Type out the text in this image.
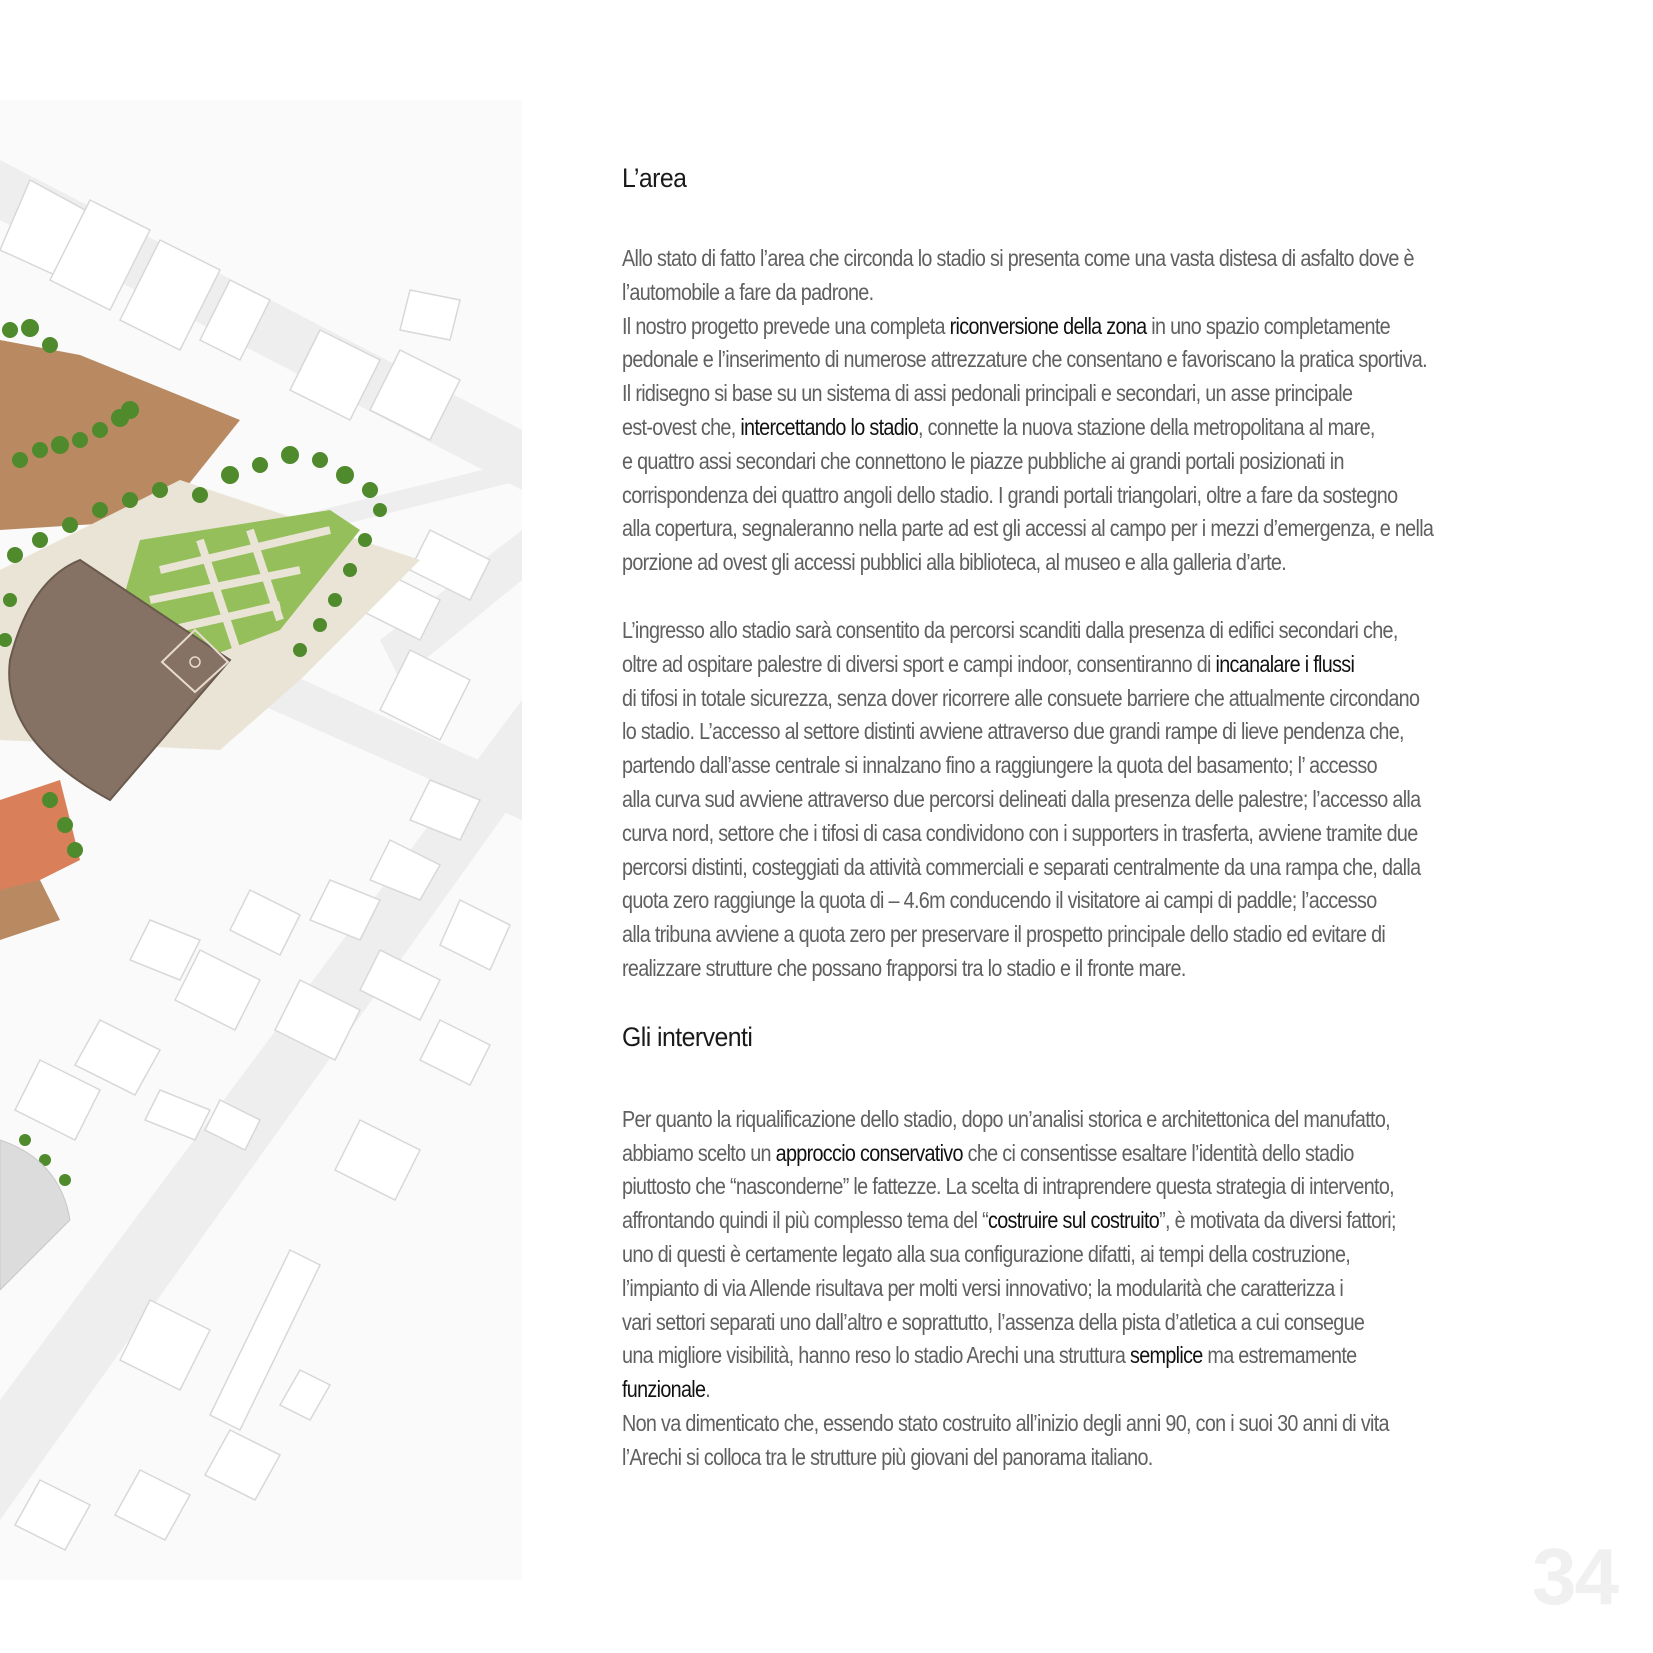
L’area

Allo stato di fatto l’area che circonda lo stadio si presenta come una vasta distesa di asfalto dove è
l’automobile a fare da padrone.
Il nostro progetto prevede una completa riconversione della zona in uno spazio completamente
pedonale e l’inserimento di numerose attrezzature che consentano e favoriscano la pratica sportiva.
Il ridisegno si base su un sistema di assi pedonali principali e secondari, un asse principale
est-ovest che, intercettando lo stadio, connette la nuova stazione della metropolitana al mare,
e quattro assi secondari che connettono le piazze pubbliche ai grandi portali posizionati in
corrispondenza dei quattro angoli dello stadio. I grandi portali triangolari, oltre a fare da sostegno
alla copertura, segnaleranno nella parte ad est gli accessi al campo per i mezzi d’emergenza, e nella
porzione ad ovest gli accessi pubblici alla biblioteca, al museo e alla galleria d’arte.

L’ingresso allo stadio sarà consentito da percorsi scanditi dalla presenza di edifici secondari che,
oltre ad ospitare palestre di diversi sport e campi indoor, consentiranno di incanalare i flussi
di tifosi in totale sicurezza, senza dover ricorrere alle consuete barriere che attualmente circondano
lo stadio. L’accesso al settore distinti avviene attraverso due grandi rampe di lieve pendenza che,
partendo dall’asse centrale si innalzano fino a raggiungere la quota del basamento; l’ accesso
alla curva sud avviene attraverso due percorsi delineati dalla presenza delle palestre; l’accesso alla
curva nord, settore che i tifosi di casa condividono con i supporters in trasferta, avviene tramite due
percorsi distinti, costeggiati da attività commerciali e separati centralmente da una rampa che, dalla
quota zero raggiunge la quota di – 4.6m conducendo il visitatore ai campi di paddle; l’accesso
alla tribuna avviene a quota zero per preservare il prospetto principale dello stadio ed evitare di
realizzare strutture che possano frapporsi tra lo stadio e il fronte mare.

Gli interventi

Per quanto la riqualificazione dello stadio, dopo un’analisi storica e architettonica del manufatto,
abbiamo scelto un approccio conservativo che ci consentisse esaltare l’identità dello stadio
piuttosto che “nasconderne” le fattezze. La scelta di intraprendere questa strategia di intervento,
affrontando quindi il più complesso tema del “costruire sul costruito”, è motivata da diversi fattori;
uno di questi è certamente legato alla sua configurazione difatti, ai tempi della costruzione,
l’impianto di via Allende risultava per molti versi innovativo; la modularità che caratterizza i
vari settori separati uno dall’altro e soprattutto, l’assenza della pista d’atletica a cui consegue
una migliore visibilità, hanno reso lo stadio Arechi una struttura semplice ma estremamente
funzionale.
Non va dimenticato che, essendo stato costruito all’inizio degli anni 90, con i suoi 30 anni di vita
l’Arechi si colloca tra le strutture più giovani del panorama italiano.

34
